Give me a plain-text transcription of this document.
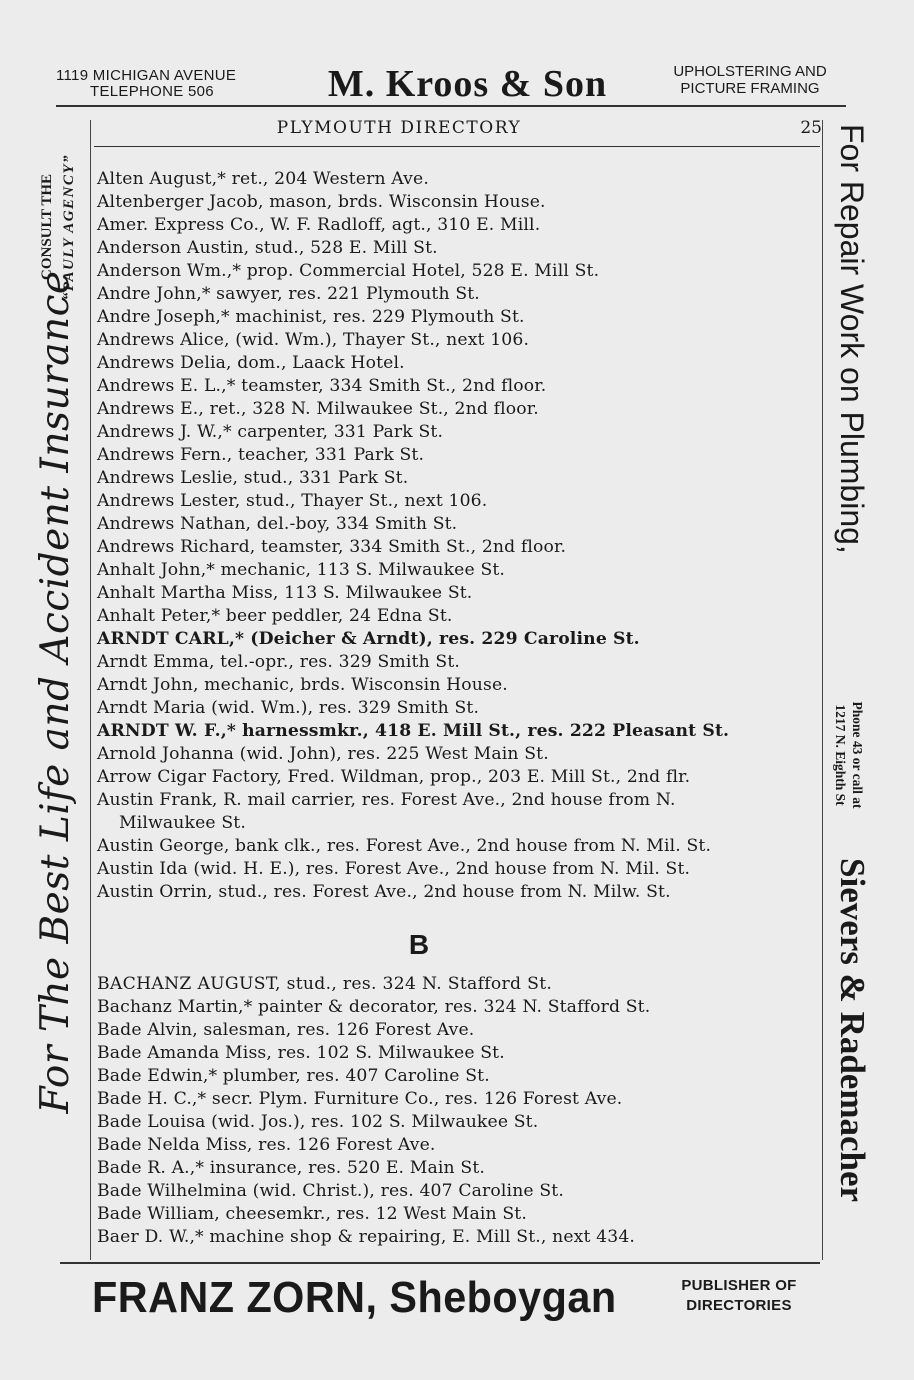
1119 MICHIGAN AVENUE
TELEPHONE 506	M. Kroos & Son	UPHOLSTERING AND
PICTURE FRAMING
PLYMOUTH DIRECTORY	25
Alten August,* ret., 204 Western Ave.
Altenberger Jacob, mason, brds. Wisconsin House.
Amer. Express Co., W. F. Radloff, agt., 310 E. Mill.
Anderson Austin, stud., 528 E. Mill St.
Anderson Wm.,* prop. Commercial Hotel, 528 E. Mill St.
Andre John,* sawyer, res. 221 Plymouth St.
Andre Joseph,* machinist, res. 229 Plymouth St.
Andrews Alice, (wid. Wm.), Thayer St., next 106.
Andrews Delia, dom., Laack Hotel.
Andrews E. L.,* teamster, 334 Smith St., 2nd floor.
Andrews E., ret., 328 N. Milwaukee St., 2nd floor.
Andrews J. W.,* carpenter, 331 Park St.
Andrews Fern., teacher, 331 Park St.
Andrews Leslie, stud., 331 Park St.
Andrews Lester, stud., Thayer St., next 106.
Andrews Nathan, del.-boy, 334 Smith St.
Andrews Richard, teamster, 334 Smith St., 2nd floor.
Anhalt John,* mechanic, 113 S. Milwaukee St.
Anhalt Martha Miss, 113 S. Milwaukee St.
Anhalt Peter,* beer peddler, 24 Edna St.
ARNDT CARL,* (Deicher & Arndt), res. 229 Caroline St.
Arndt Emma, tel.-opr., res. 329 Smith St.
Arndt John, mechanic, brds. Wisconsin House.
Arndt Maria (wid. Wm.), res. 329 Smith St.
ARNDT W. F.,* harnessmkr., 418 E. Mill St., res. 222 Pleasant St.
Arnold Johanna (wid. John), res. 225 West Main St.
Arrow Cigar Factory, Fred. Wildman, prop., 203 E. Mill St., 2nd flr.
Austin Frank, R. mail carrier, res. Forest Ave., 2nd house from N.
Milwaukee St.
Austin George, bank clk., res. Forest Ave., 2nd house from N. Mil. St.
Austin Ida (wid. H. E.), res. Forest Ave., 2nd house from N. Mil. St.
Austin Orrin, stud., res. Forest Ave., 2nd house from N. Milw. St.
B
BACHANZ AUGUST, stud., res. 324 N. Stafford St.
Bachanz Martin,* painter & decorator, res. 324 N. Stafford St.
Bade Alvin, salesman, res. 126 Forest Ave.
Bade Amanda Miss, res. 102 S. Milwaukee St.
Bade Edwin,* plumber, res. 407 Caroline St.
Bade H. C.,* secr. Plym. Furniture Co., res. 126 Forest Ave.
Bade Louisa (wid. Jos.), res. 102 S. Milwaukee St.
Bade Nelda Miss, res. 126 Forest Ave.
Bade R. A.,* insurance, res. 520 E. Main St.
Bade Wilhelmina (wid. Christ.), res. 407 Caroline St.
Bade William, cheesemkr., res. 12 West Main St.
Baer D. W.,* machine shop & repairing, E. Mill St., next 434.
For The Best Life and Accident Insurance
CONSULT THE “PAULY AGENCY”	For Repair Work on Plumbing,
Phone 43 or call at
1217 N. Eighth St
Sievers & Rademacher
FRANZ ZORN, Sheboygan	PUBLISHER OF
DIRECTORIES
